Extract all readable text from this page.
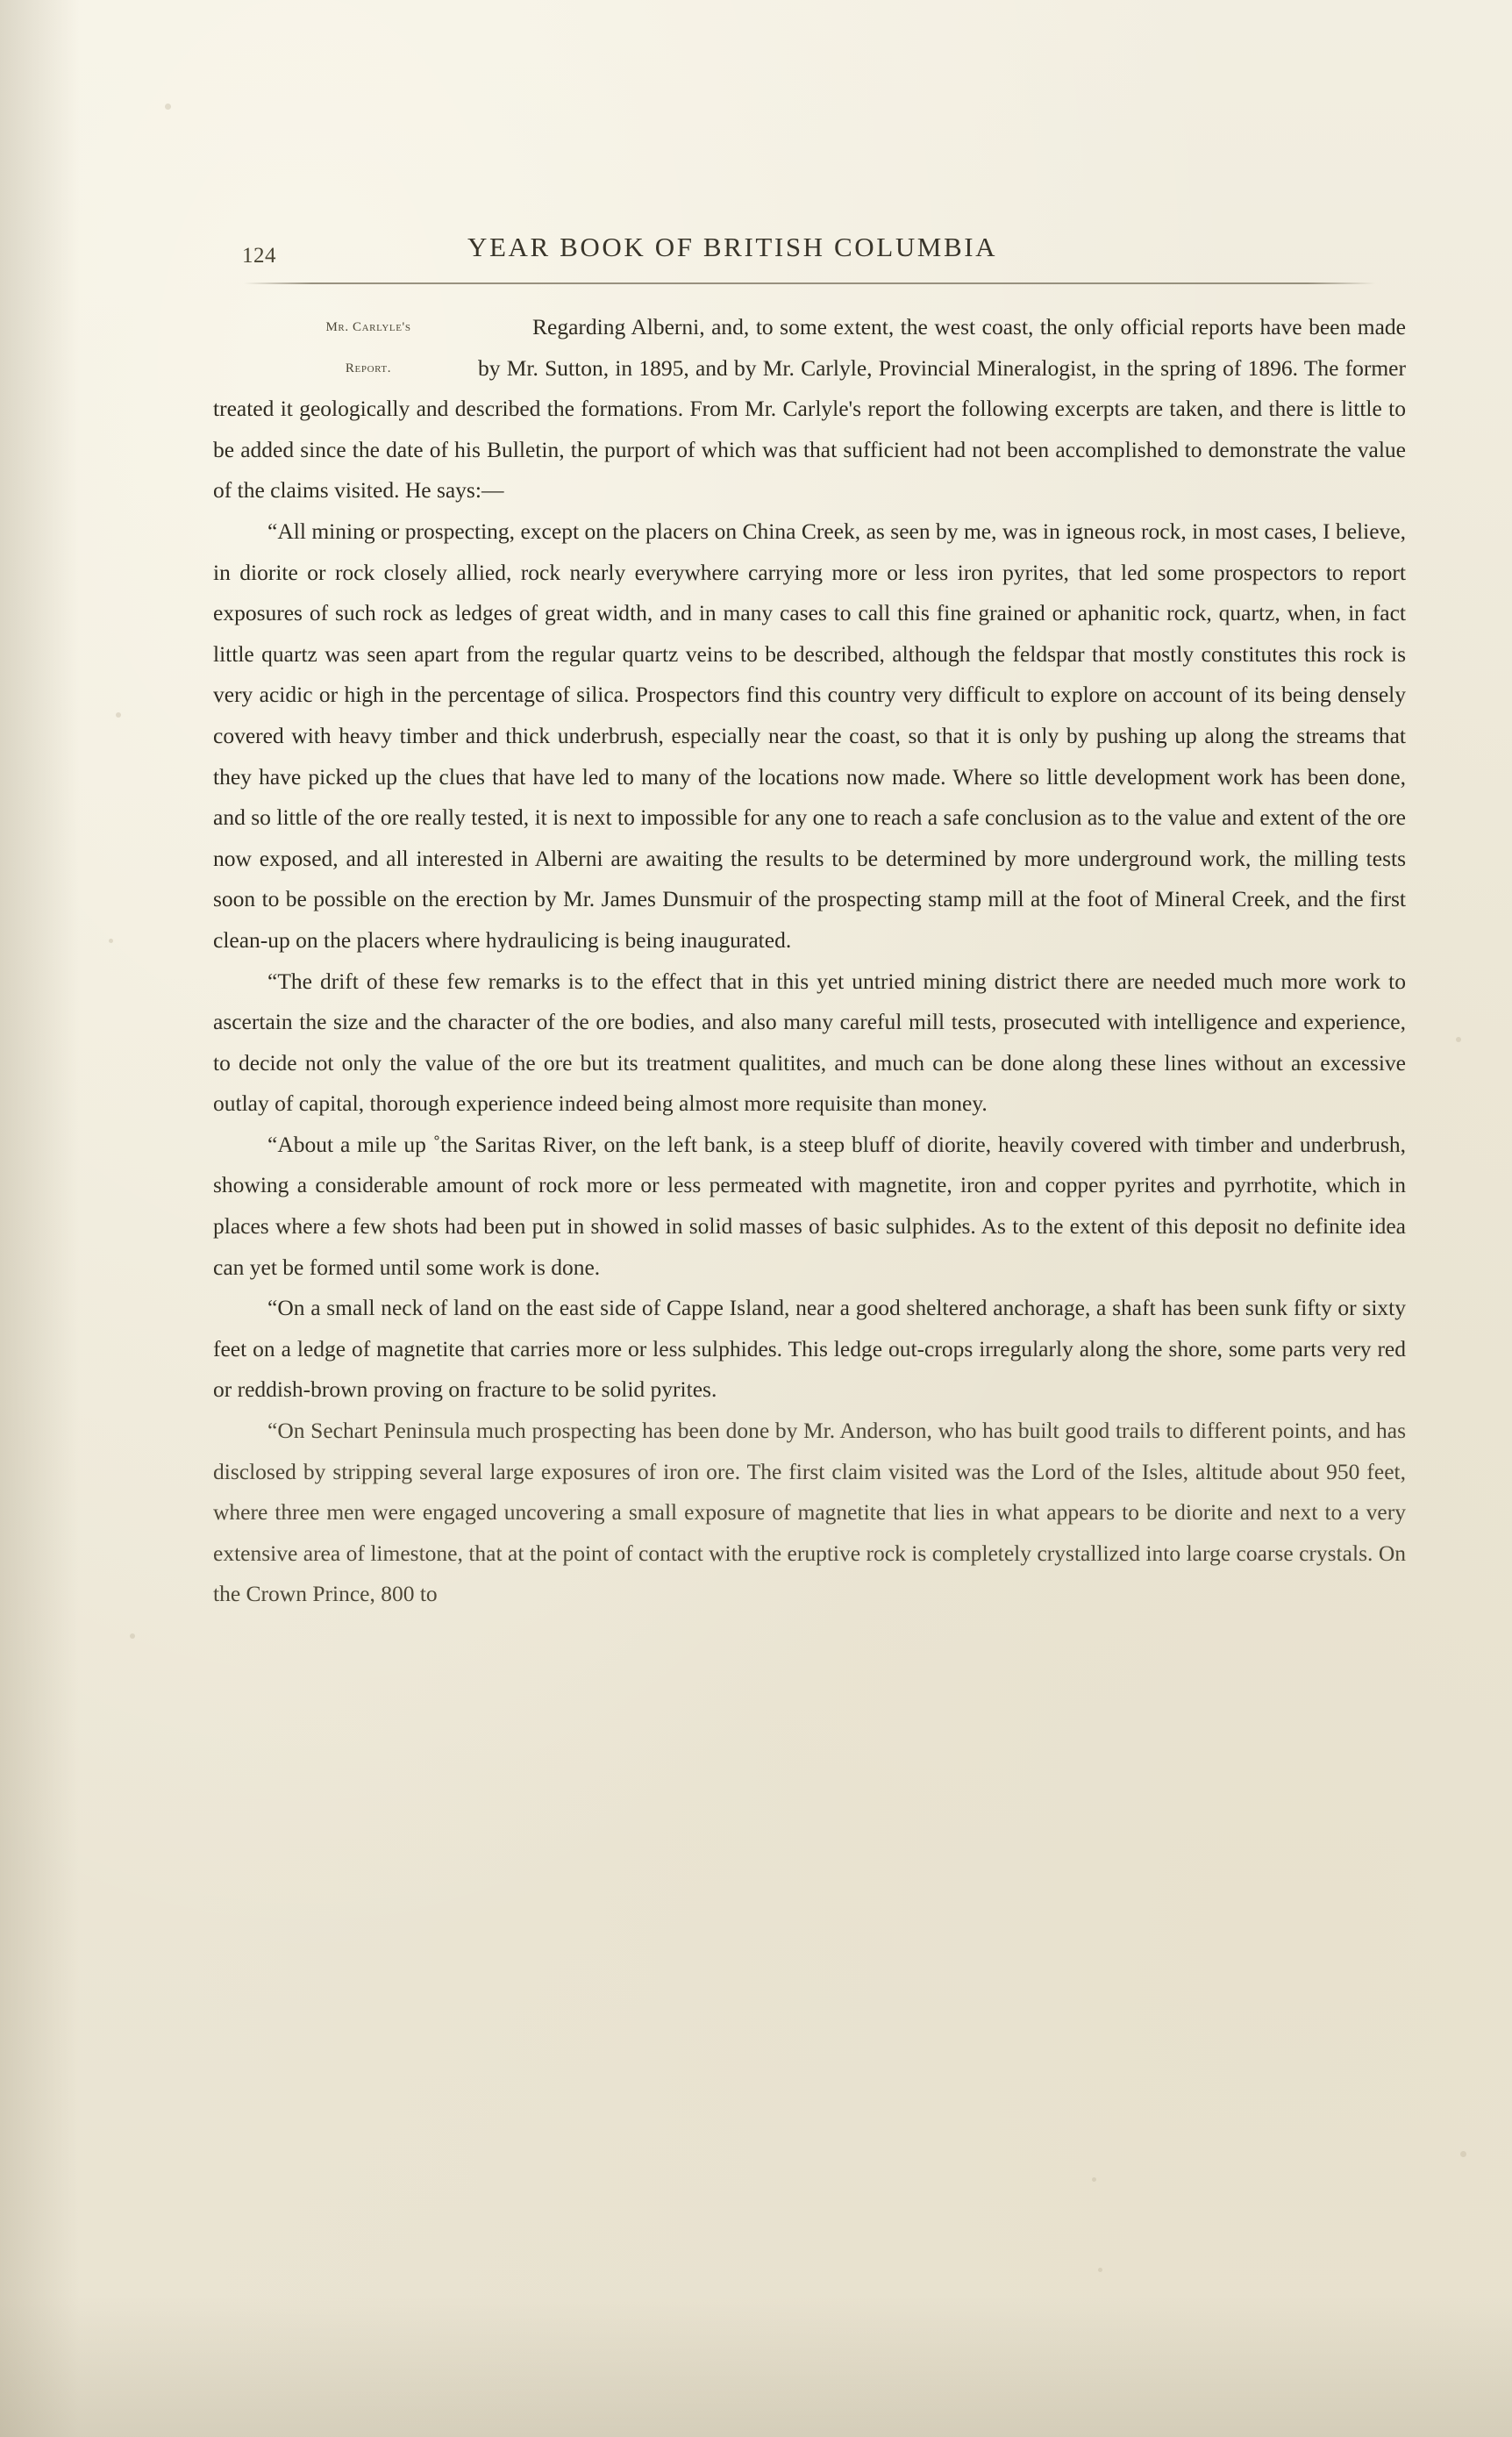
124	YEAR BOOK OF BRITISH COLUMBIA
Mr. Carlyle's
Report.

Regarding Alberni, and, to some extent, the west coast, the only official reports have been made by Mr. Sutton, in 1895, and by Mr. Carlyle, Provincial Mineralogist, in the spring of 1896. The former treated it geologically and described the formations. From Mr. Carlyle's report the following excerpts are taken, and there is little to be added since the date of his Bulletin, the purport of which was that sufficient had not been accomplished to demonstrate the value of the claims visited. He says:—

“All mining or prospecting, except on the placers on China Creek, as seen by me, was in igneous rock, in most cases, I believe, in diorite or rock closely allied, rock nearly everywhere carrying more or less iron pyrites, that led some prospectors to report exposures of such rock as ledges of great width, and in many cases to call this fine grained or aphanitic rock, quartz, when, in fact little quartz was seen apart from the regular quartz veins to be described, although the feldspar that mostly constitutes this rock is very acidic or high in the percentage of silica. Prospectors find this country very difficult to explore on account of its being densely covered with heavy timber and thick underbrush, especially near the coast, so that it is only by pushing up along the streams that they have picked up the clues that have led to many of the locations now made. Where so little development work has been done, and so little of the ore really tested, it is next to impossible for any one to reach a safe conclusion as to the value and extent of the ore now exposed, and all interested in Alberni are awaiting the results to be determined by more underground work, the milling tests soon to be possible on the erection by Mr. James Dunsmuir of the prospecting stamp mill at the foot of Mineral Creek, and the first clean-up on the placers where hydraulicing is being inaugurated.

“The drift of these few remarks is to the effect that in this yet untried mining district there are needed much more work to ascertain the size and the character of the ore bodies, and also many careful mill tests, prosecuted with intelligence and experience, to decide not only the value of the ore but its treatment qualitites, and much can be done along these lines without an excessive outlay of capital, thorough experience indeed being almost more requisite than money.

“About a mile up ˚the Saritas River, on the left bank, is a steep bluff of diorite, heavily covered with timber and underbrush, showing a considerable amount of rock more or less permeated with magnetite, iron and copper pyrites and pyrrhotite, which in places where a few shots had been put in showed in solid masses of basic sulphides. As to the extent of this deposit no definite idea can yet be formed until some work is done.

“On a small neck of land on the east side of Cappe Island, near a good sheltered anchorage, a shaft has been sunk fifty or sixty feet on a ledge of magnetite that carries more or less sulphides. This ledge out-crops irregularly along the shore, some parts very red or reddish-brown proving on fracture to be solid pyrites.

“On Sechart Peninsula much prospecting has been done by Mr. Anderson, who has built good trails to different points, and has disclosed by stripping several large exposures of iron ore. The first claim visited was the Lord of the Isles, altitude about 950 feet, where three men were engaged uncovering a small exposure of magnetite that lies in what appears to be diorite and next to a very extensive area of limestone, that at the point of contact with the eruptive rock is completely crystallized into large coarse crystals. On the Crown Prince, 800 to
